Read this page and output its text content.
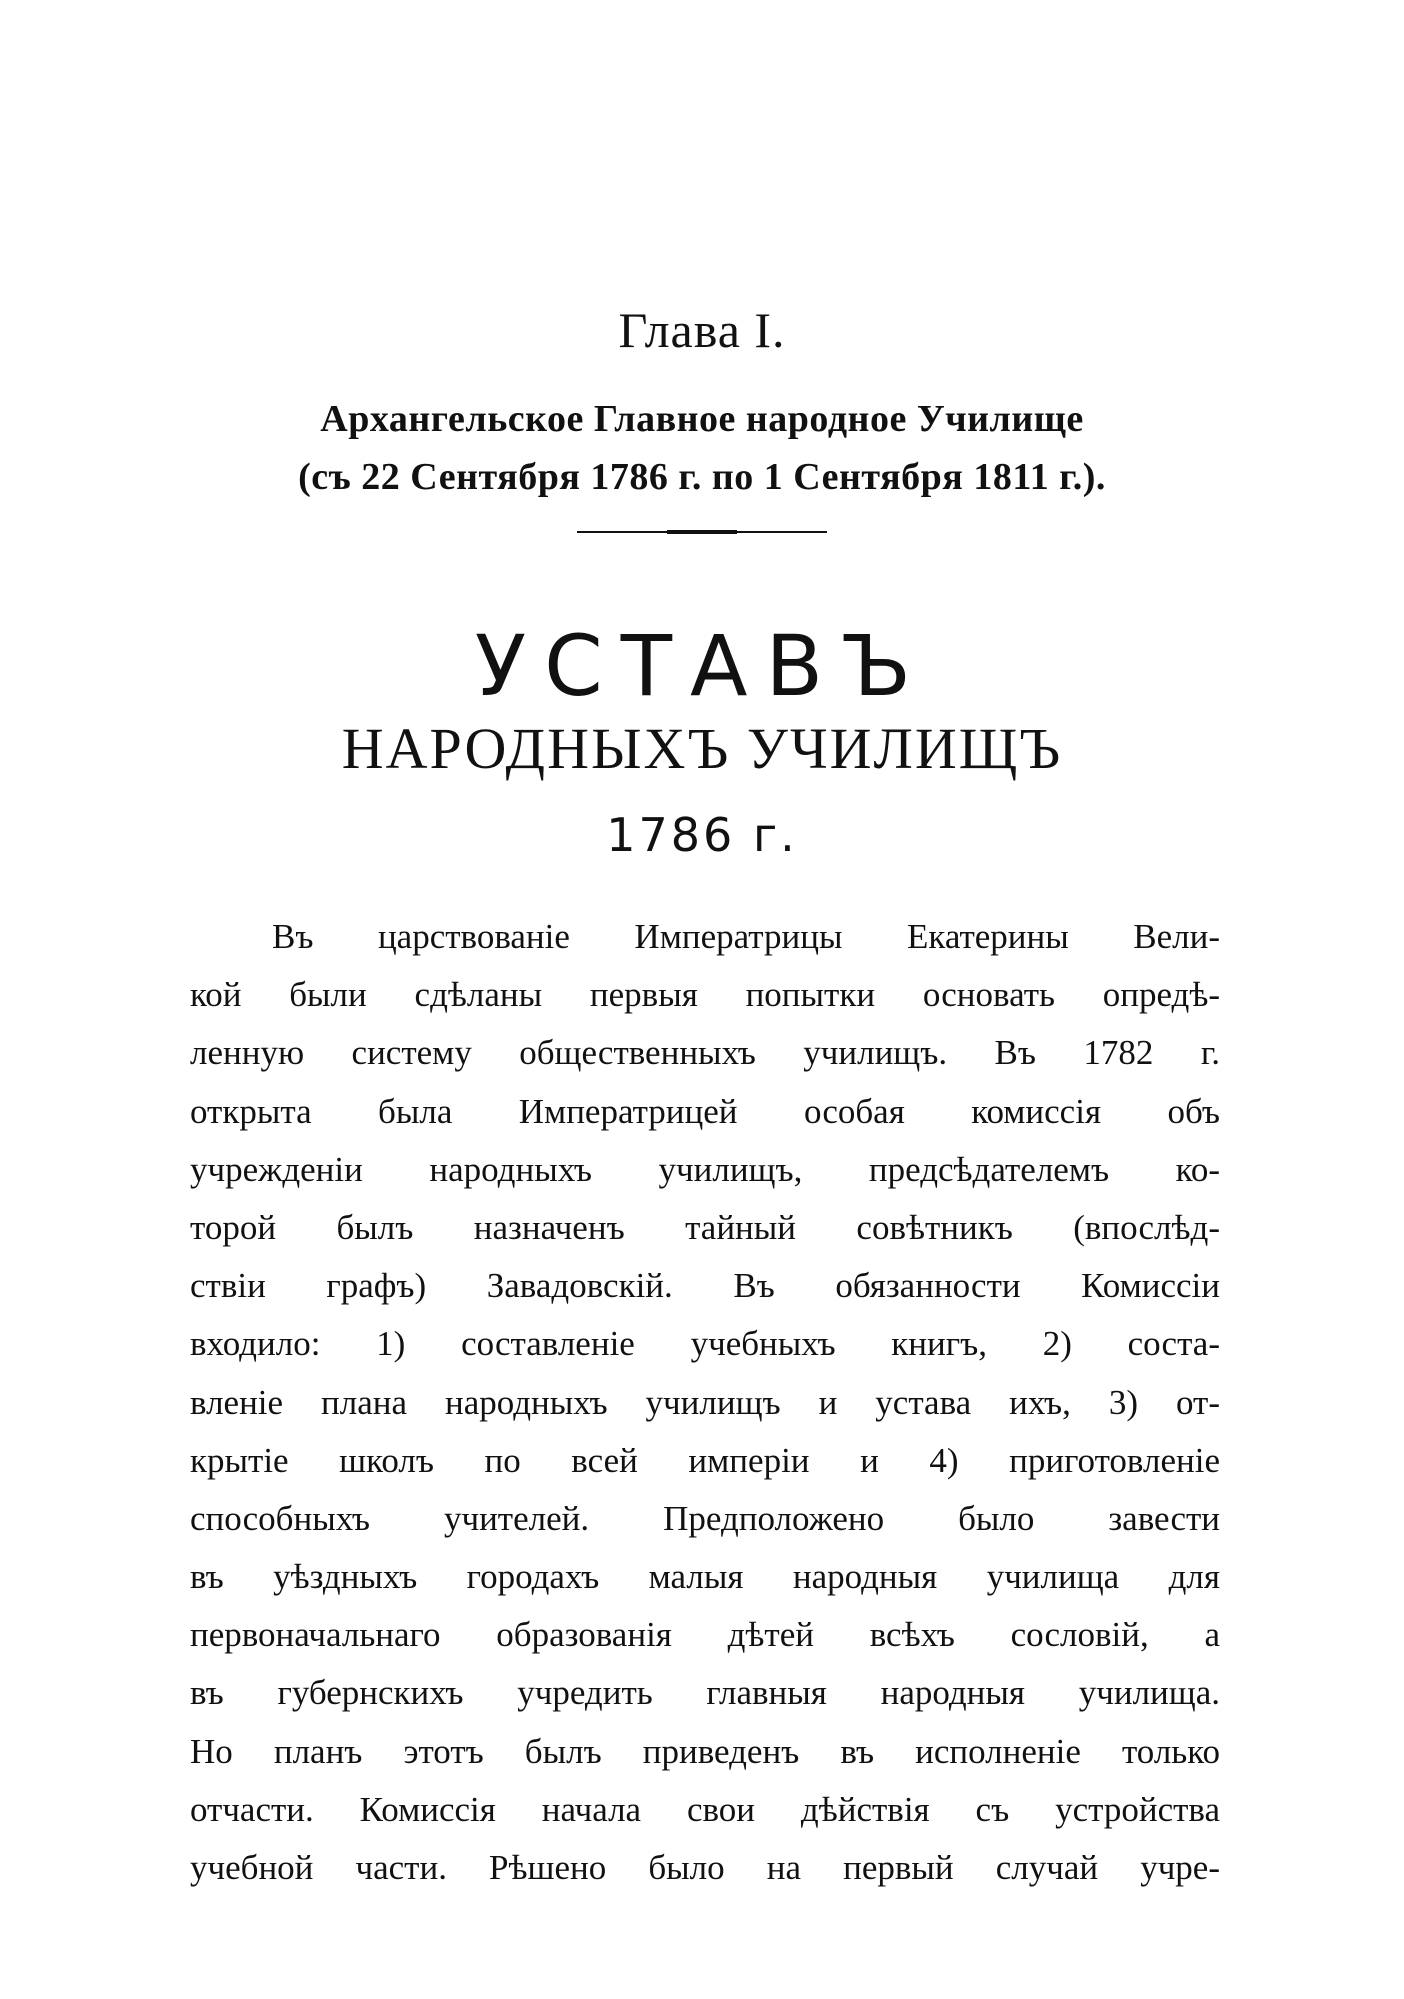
Глава I.
Архангельское Главное народное Училище
(съ 22 Сентября 1786 г. по 1 Сентября 1811 г.).
УСТАВЪ
НАРОДНЫХЪ УЧИЛИЩЪ
1786 г.
Въ царствованіе Императрицы Екатерины Вели-
кой были сдѣланы первыя попытки основать опредѣ-
ленную систему общественныхъ училищъ. Въ 1782 г.
открыта была Императрицей особая комиссія объ
учрежденіи народныхъ училищъ, предсѣдателемъ ко-
торой былъ назначенъ тайный совѣтникъ (впослѣд-
ствіи графъ) Завадовскій. Въ обязанности Комиссіи
входило: 1) составленіе учебныхъ книгъ, 2) соста-
вленіе плана народныхъ училищъ и устава ихъ, 3) от-
крытіе школъ по всей имперіи и 4) приготовленіе
способныхъ учителей. Предположено было завести
въ уѣздныхъ городахъ малыя народныя училища для
первоначальнаго образованія дѣтей всѣхъ сословій, а
въ губернскихъ учредить главныя народныя училища.
Но планъ этотъ былъ приведенъ въ исполненіе только
отчасти. Комиссія начала свои дѣйствія съ устройства
учебной части. Рѣшено было на первый случай учре-
